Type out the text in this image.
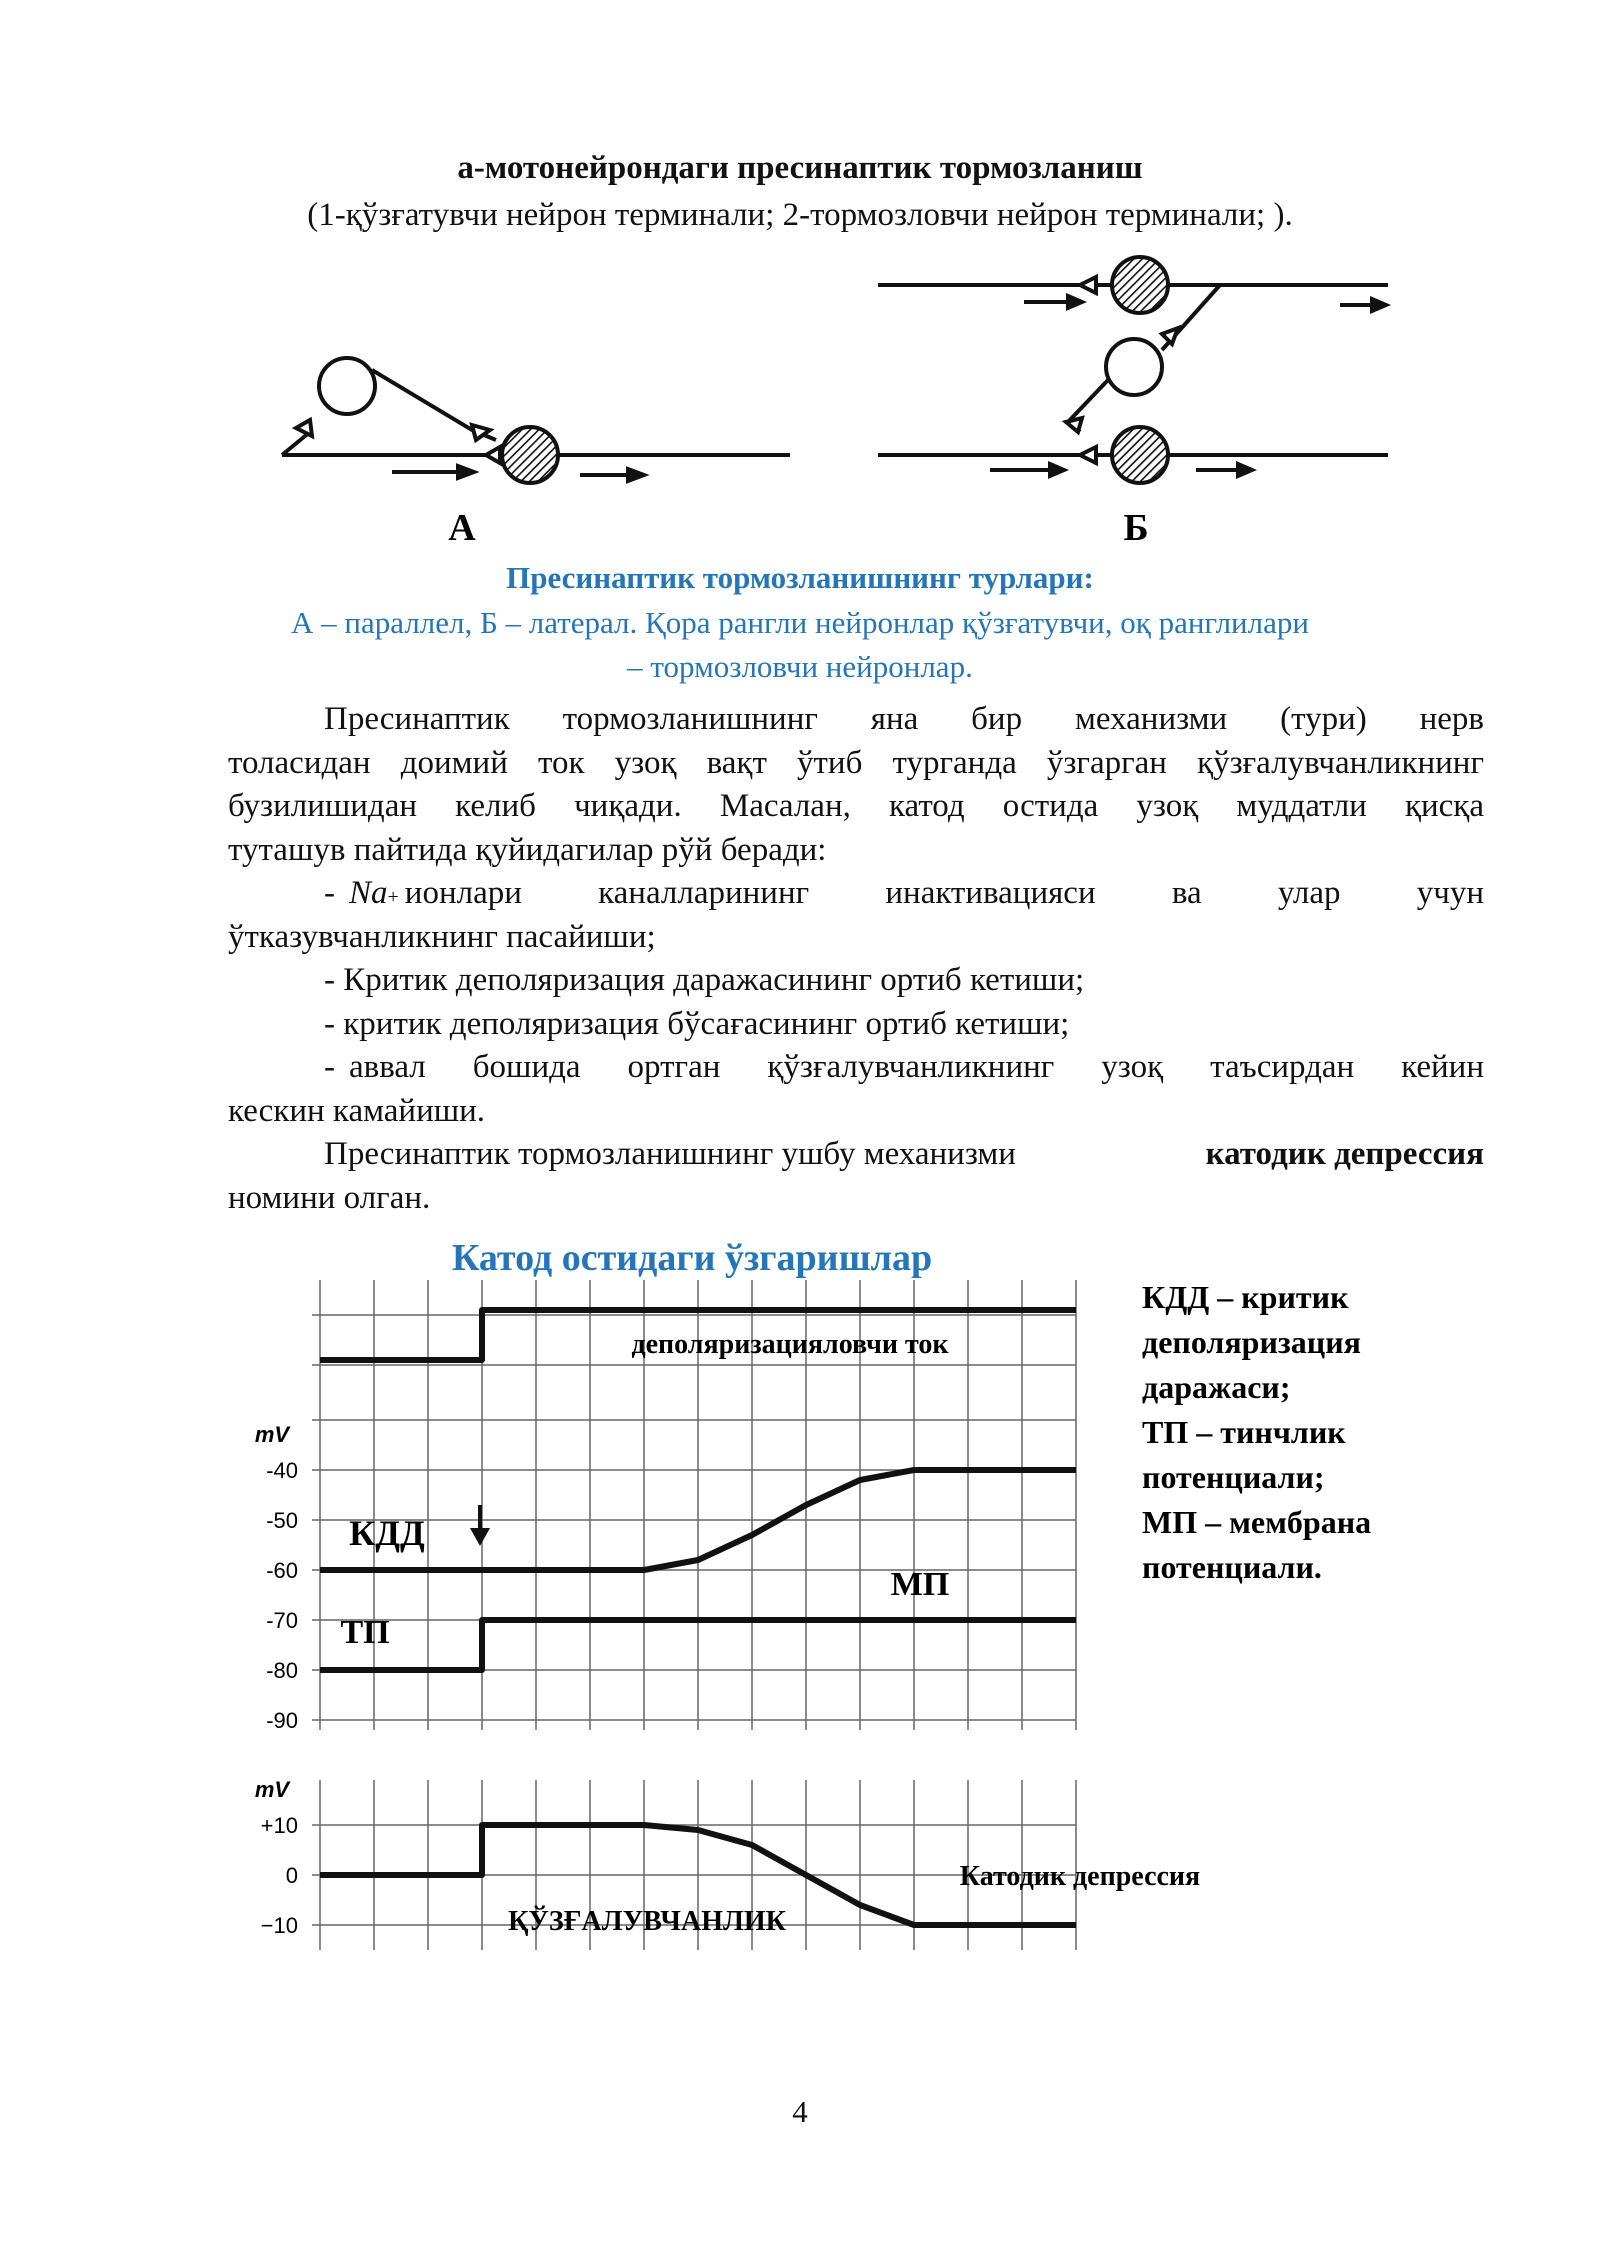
а-мотонейрондаги пресинаптик тормозланиш
(1-қўзғатувчи нейрон терминали; 2-тормозловчи нейрон терминали; ).
А	Б
Пресинаптик тормозланишнинг турлари:
А – параллел, Б – латерал. Қора рангли нейронлар қўзғатувчи, оқ ранглилари
– тормозловчи нейронлар.
Пресинаптик тормозланишнинг яна бир механизми (тури) нерв
толасидан доимий ток узоқ вақт ўтиб турганда ўзгарган қўзғалувчанликнинг
бузилишидан келиб чиқади. Масалан, катод остида узоқ муддатли қисқа
туташув пайтида қуйидагилар рўй беради:
- Na + ионлари каналларининг инактивацияси ва улар учун
ўтказувчанликнинг пасайиши;
- Критик деполяризация даражасининг ортиб кетиши;
- критик деполяризация бўсағасининг ортиб кетиши;
- аввал бошида ортган қўзғалувчанликнинг узоқ таъсирдан кейин
кескин камайиши.
Пресинаптик тормозланишнинг ушбу механизми	катодик депрессия
номини олган.
Катод остидаги ўзгаришлар
деполяризацияловчи ток
mV
-40
-50
-60
-70
-80
-90
КДД
ТП
МП
mV
+10
0
−10	ҚЎЗҒАЛУВЧАНЛИК
Катодик депрессия
КДД – критик
деполяризация
даражаси;
ТП – тинчлик
потенциали;
МП – мембрана
потенциали.
4
